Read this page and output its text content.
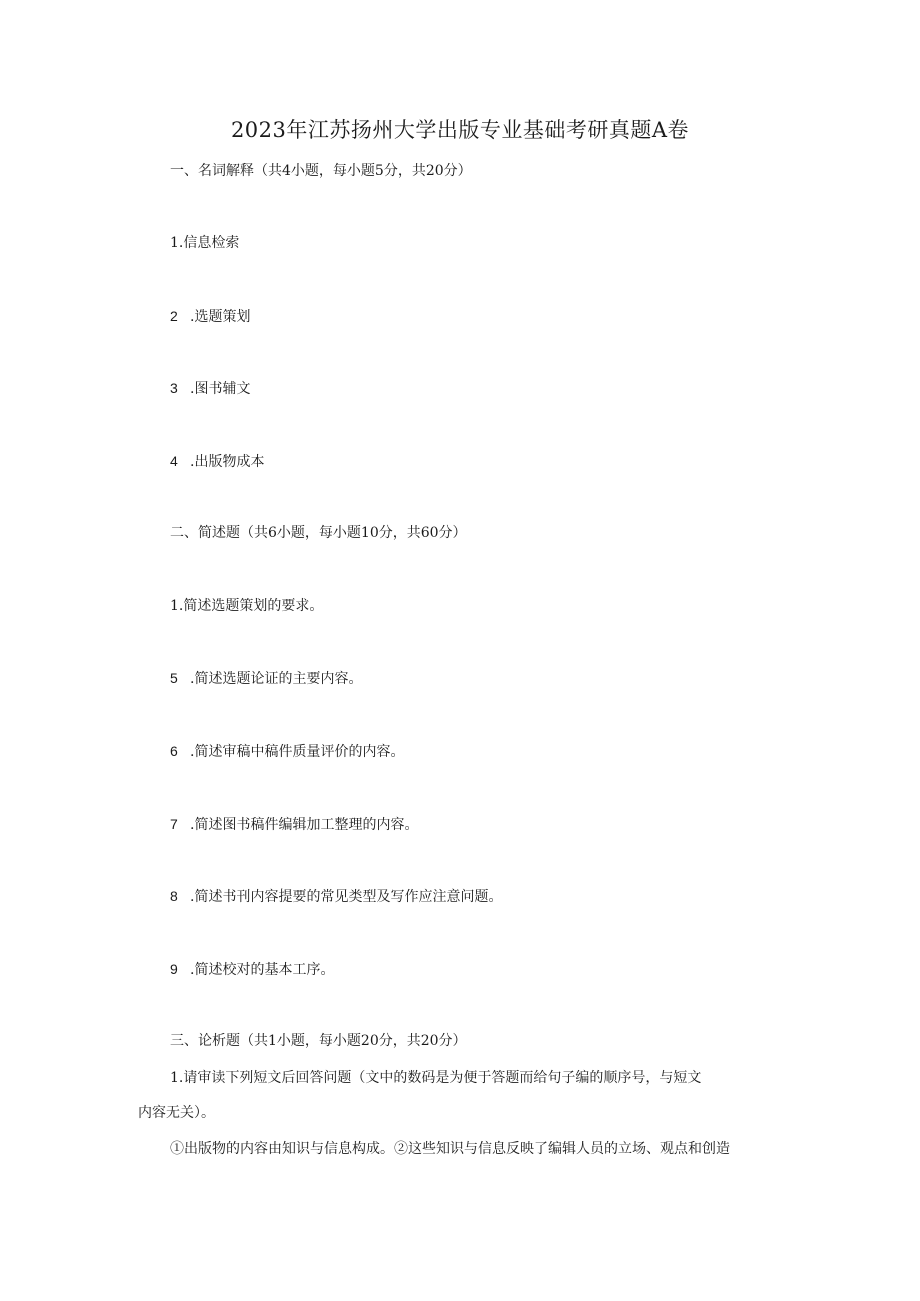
2023年江苏扬州大学出版专业基础考研真题A卷
一、名词解释（共4小题，每小题5分，共20分）
1.信息检索
2 .选题策划
3 .图书辅文
4 .出版物成本
二、简述题（共6小题，每小题10分，共60分）
1.简述选题策划的要求。
5 .简述选题论证的主要内容。
6 .简述审稿中稿件质量评价的内容。
7 .简述图书稿件编辑加工整理的内容。
8 .简述书刊内容提要的常见类型及写作应注意问题。
9 .简述校对的基本工序。
三、论析题（共1小题，每小题20分，共20分）
1.请审读下列短文后回答问题（文中的数码是为便于答题而给句子编的顺序号，与短文
内容无关）。
①出版物的内容由知识与信息构成。②这些知识与信息反映了编辑人员的立场、观点和创造
